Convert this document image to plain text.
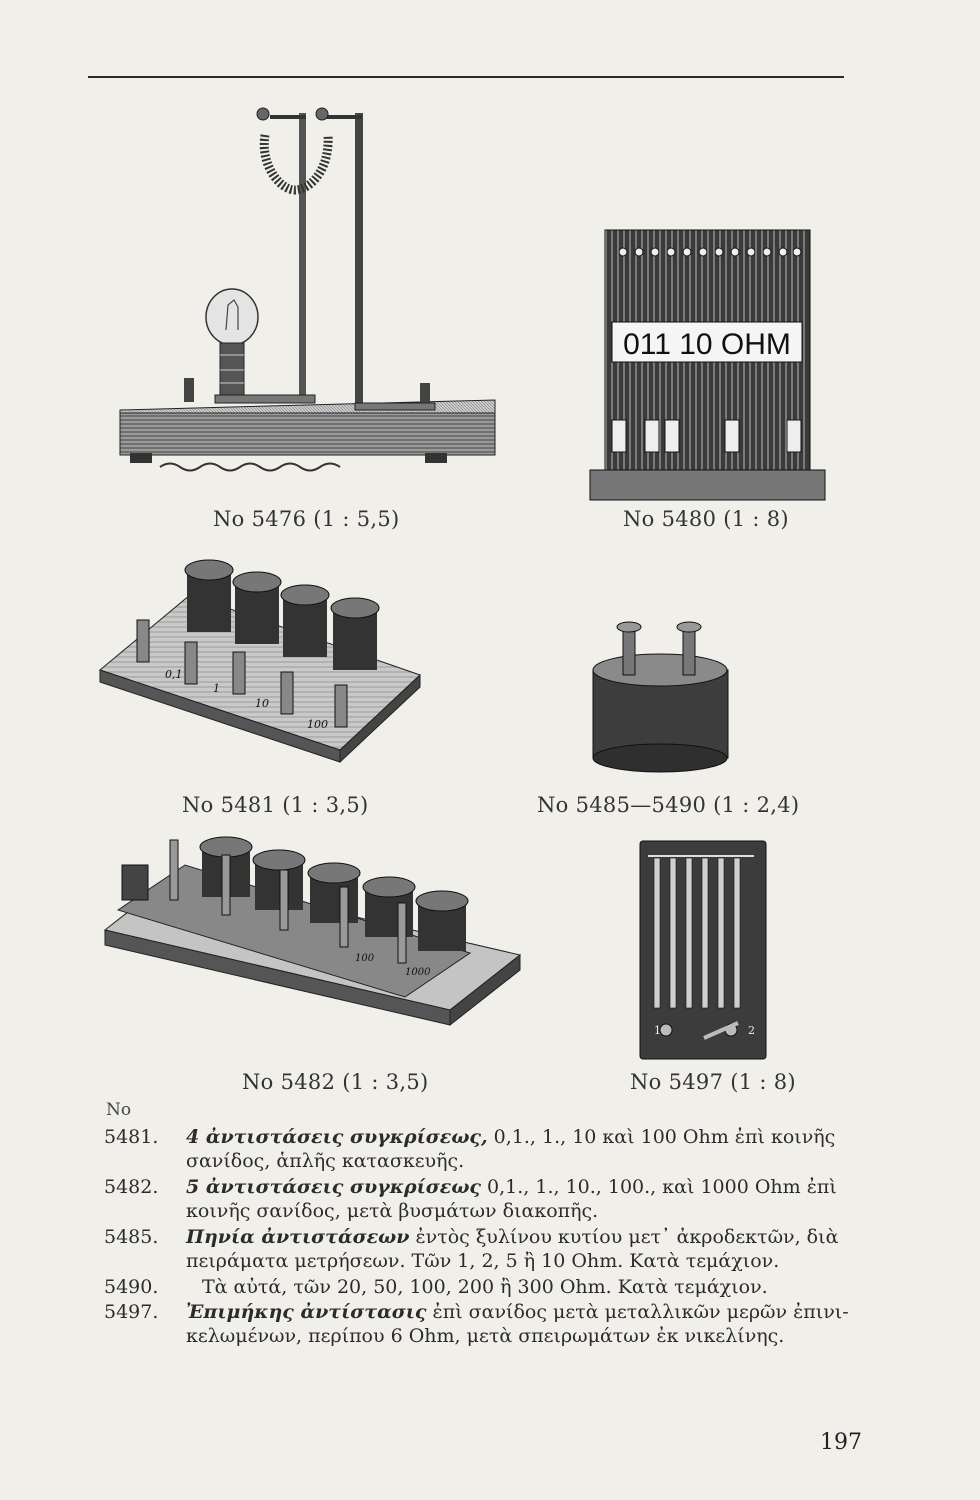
No 5476 (1 : 5,5)
011 10 OHM
No 5480 (1 : 8)
0,1
1
10
100
No 5481 (1 : 3,5)	No 5485—5490 (1 : 2,4)
100
1000
No 5482 (1 : 3,5)
1	2
No 5497 (1 : 8)
No
5481.	4 ἀντιστάσεις συγκρίσεως, 0,1., 1., 10 καὶ 100 Ohm ἐπὶ κοινῆς
σανίδος, ἁπλῆς κατασκευῆς.
5482.	5 ἀντιστάσεις συγκρίσεως 0,1., 1., 10., 100., καὶ 1000 Ohm ἐπὶ
κοινῆς σανίδος, μετὰ βυσμάτων διακοπῆς.
5485.	Πηνία ἀντιστάσεων ἐντὸς ξυλίνου κυτίου μετ᾽ ἀκροδεκτῶν, διὰ
πειράματα μετρήσεων. Τῶν 1, 2, 5 ἢ 10 Ohm. Κατὰ τεμάχιον.
5490.	Τὰ αὐτά, τῶν 20, 50, 100, 200 ἢ 300 Ohm. Κατὰ τεμάχιον.
5497.	Ἐπιμήκης ἀντίστασις ἐπὶ σανίδος μετὰ μεταλλικῶν μερῶν ἐπινι-
κελωμένων, περίπου 6 Ohm, μετὰ σπειρωμάτων ἐκ νικελίνης.
197
